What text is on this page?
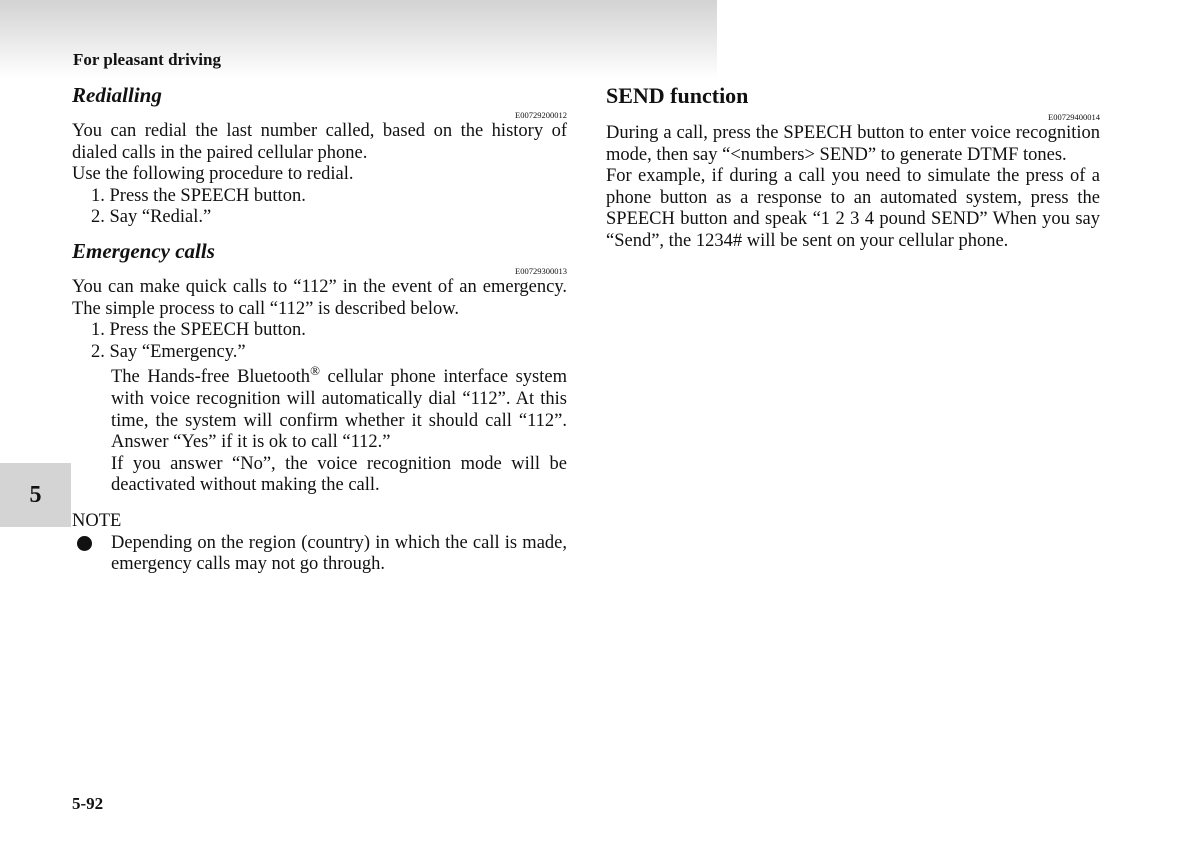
For pleasant driving
5
Redialling
E00729200012

You can redial the last number called, based on the history of dialed calls in the paired cellular phone.

Use the following procedure to redial.

1. Press the SPEECH button.
2. Say “Redial.”
Emergency calls
E00729300013

You can make quick calls to “112” in the event of an emergency. The simple process to call “112” is described below.

1. Press the SPEECH button.
2. Say “Emergency.”

The Hands-free Bluetooth® cellular phone interface system with voice recognition will automatically dial “112”. At this time, the system will confirm whether it should call “112”. Answer “Yes” if it is ok to call “112.”

If you answer “No”, the voice recognition mode will be deactivated without making the call.

NOTE
Depending on the region (country) in which the call is made, emergency calls may not go through.
SEND function
E00729400014

During a call, press the SPEECH button to enter voice recognition mode, then say “<numbers> SEND” to generate DTMF tones.

For example, if during a call you need to simulate the press of a phone button as a response to an automated system, press the SPEECH button and speak “1 2 3 4 pound SEND” When you say “Send”, the 1234# will be sent on your cellular phone.

5-92
